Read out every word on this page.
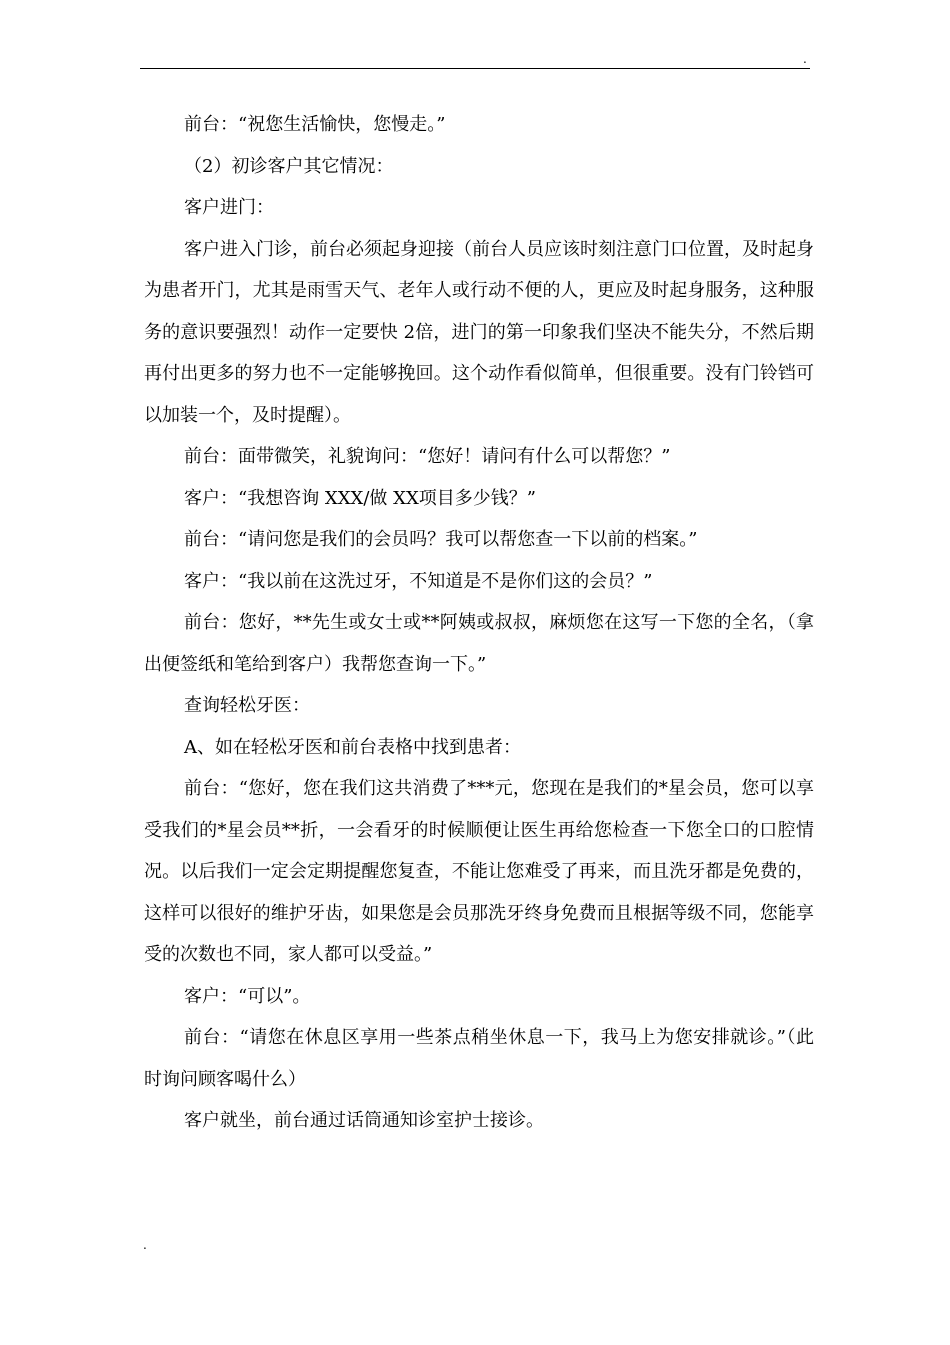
.

前台：“祝您生活愉快，您慢走。”

（2）初诊客户其它情况：

客户进门：

客户进入门诊，前台必须起身迎接（前台人员应该时刻注意门口位置，及时起身为患者开门，尤其是雨雪天气、老年人或行动不便的人，更应及时起身服务，这种服务的意识要强烈！动作一定要快 2倍，进门的第一印象我们坚决不能失分，不然后期再付出更多的努力也不一定能够挽回。这个动作看似简单，但很重要。没有门铃铛可以加装一个，及时提醒）。

前台：面带微笑，礼貌询问：“您好！请问有什么可以帮您？”

客户：“我想咨询 XXX/做 XX项目多少钱？”

前台：“请问您是我们的会员吗？我可以帮您查一下以前的档案。”

客户：“我以前在这洗过牙，不知道是不是你们这的会员？”

前台：您好，**先生或女士或**阿姨或叔叔，麻烦您在这写一下您的全名，（拿出便签纸和笔给到客户）我帮您查询一下。”

查询轻松牙医：

A、如在轻松牙医和前台表格中找到患者：

前台：“您好，您在我们这共消费了***元，您现在是我们的*星会员，您可以享受我们的*星会员**折，一会看牙的时候顺便让医生再给您检查一下您全口的口腔情况。以后我们一定会定期提醒您复查，不能让您难受了再来，而且洗牙都是免费的，这样可以很好的维护牙齿，如果您是会员那洗牙终身免费而且根据等级不同，您能享受的次数也不同，家人都可以受益。”

客户：“可以”。

前台：“请您在休息区享用一些茶点稍坐休息一下，我马上为您安排就诊。”（此时询问顾客喝什么）

客户就坐，前台通过话筒通知诊室护士接诊。

.
